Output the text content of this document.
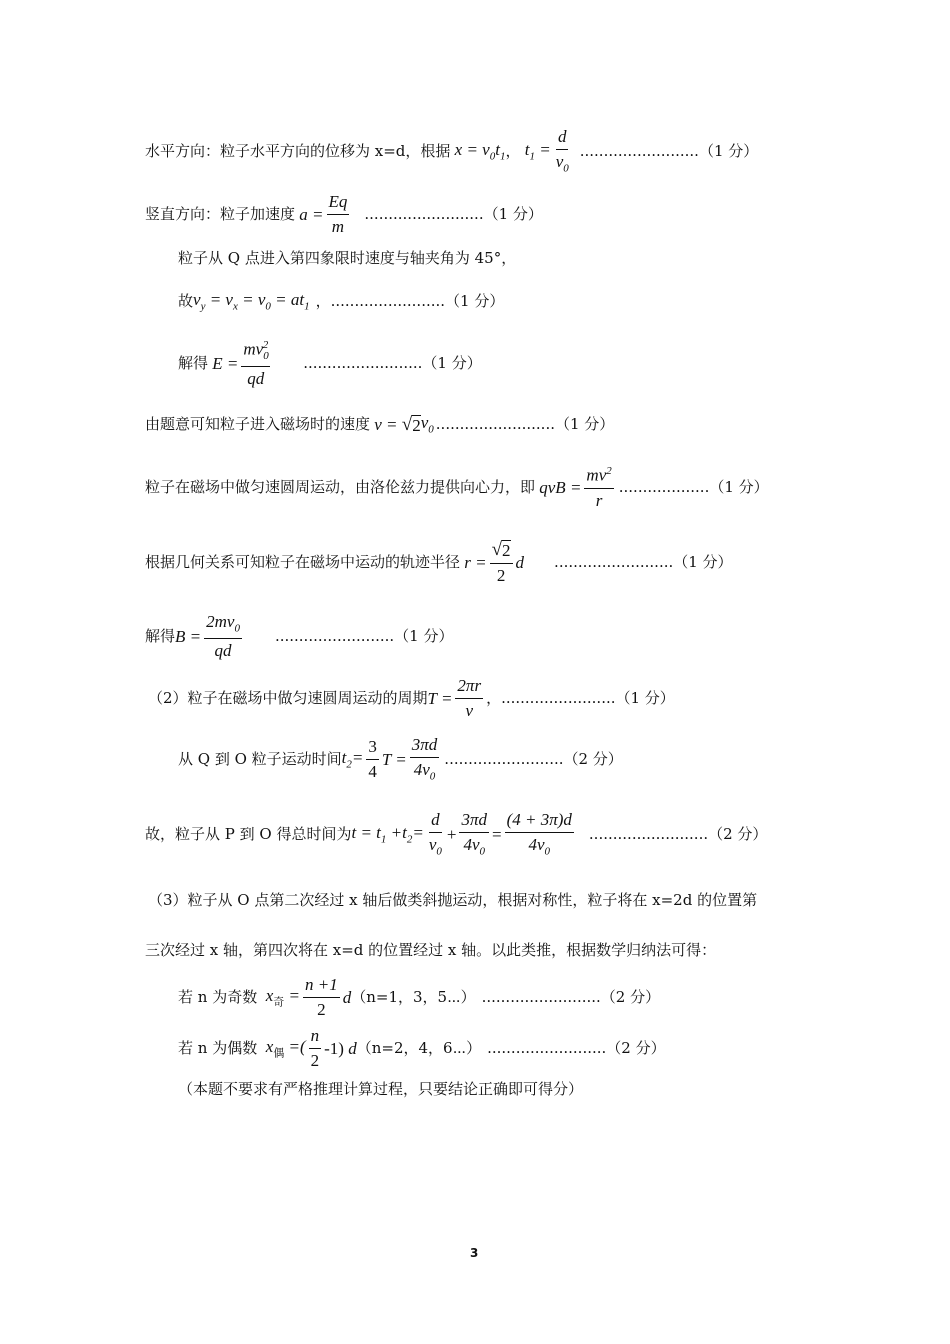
水平方向：粒子水平方向的位移为 x=d，根据 $x = v_0t_1$ ， $t_1 = \frac{d}{v_0}$ ......................... （1 分）
竖直方向：粒子加速度 $a = \frac{Eq}{m}$ ......................... （1 分）
粒子从 Q 点进入第四象限时速度与轴夹角为 45°，
故 $v_y = v_x = v_0 = at_1$ ，........................ （1 分）
解得 $E = \frac{mv_0^2}{qd}$ ......................... （1 分）
由题意可知粒子进入磁场时的速度 v = √ 2 $v_0$ ......................... （1 分）
粒子在磁场中做匀速圆周运动，由洛伦兹力提供向心力，即 qvB = $\frac{mv^2}{r}$ ................... （1 分）
根据几何关系可知粒子在磁场中运动的轨迹半径 $r = \frac{√ 2}{2}$ d ......................... （1 分）
解得 $B = \frac{2mv_0}{qd}$ ......................... （1 分）
（2）粒子在磁场中做匀速圆周运动的周期 $T = \frac{2\pi r}{v}$ ，........................ （1 分）
从 Q 到 O 粒子运动时间 $t_2= \frac{3}{4}$ $T = \frac{3\pi d}{4v_0}$ ......................... （2 分）
故，粒子从 P 到 O 得总时间为 $t = t_1 +t_2= \frac{d}{v_0} + \frac{3\pi d}{4v_0} = \frac{(4 + 3\pi)d}{4v_0}$ ......................... （2 分）
（3）粒子从 O 点第二次经过 x 轴后做类斜抛运动，根据对称性，粒子将在 x=2d 的位置第
三次经过 x 轴，第四次将在 x=d 的位置经过 x 轴。以此类推，根据数学归纳法可得：
若 n 为奇数 $x_奇 = \frac{n +1}{2}$ d （n=1，3，5⋯） ......................... （2 分）
若 n 为偶数 $x_偶$ =( $\frac{n}{2} -1$) d （n=2，4，6⋯） ......................... （2 分）
（本题不要求有严格推理计算过程，只要结论正确即可得分）
3
